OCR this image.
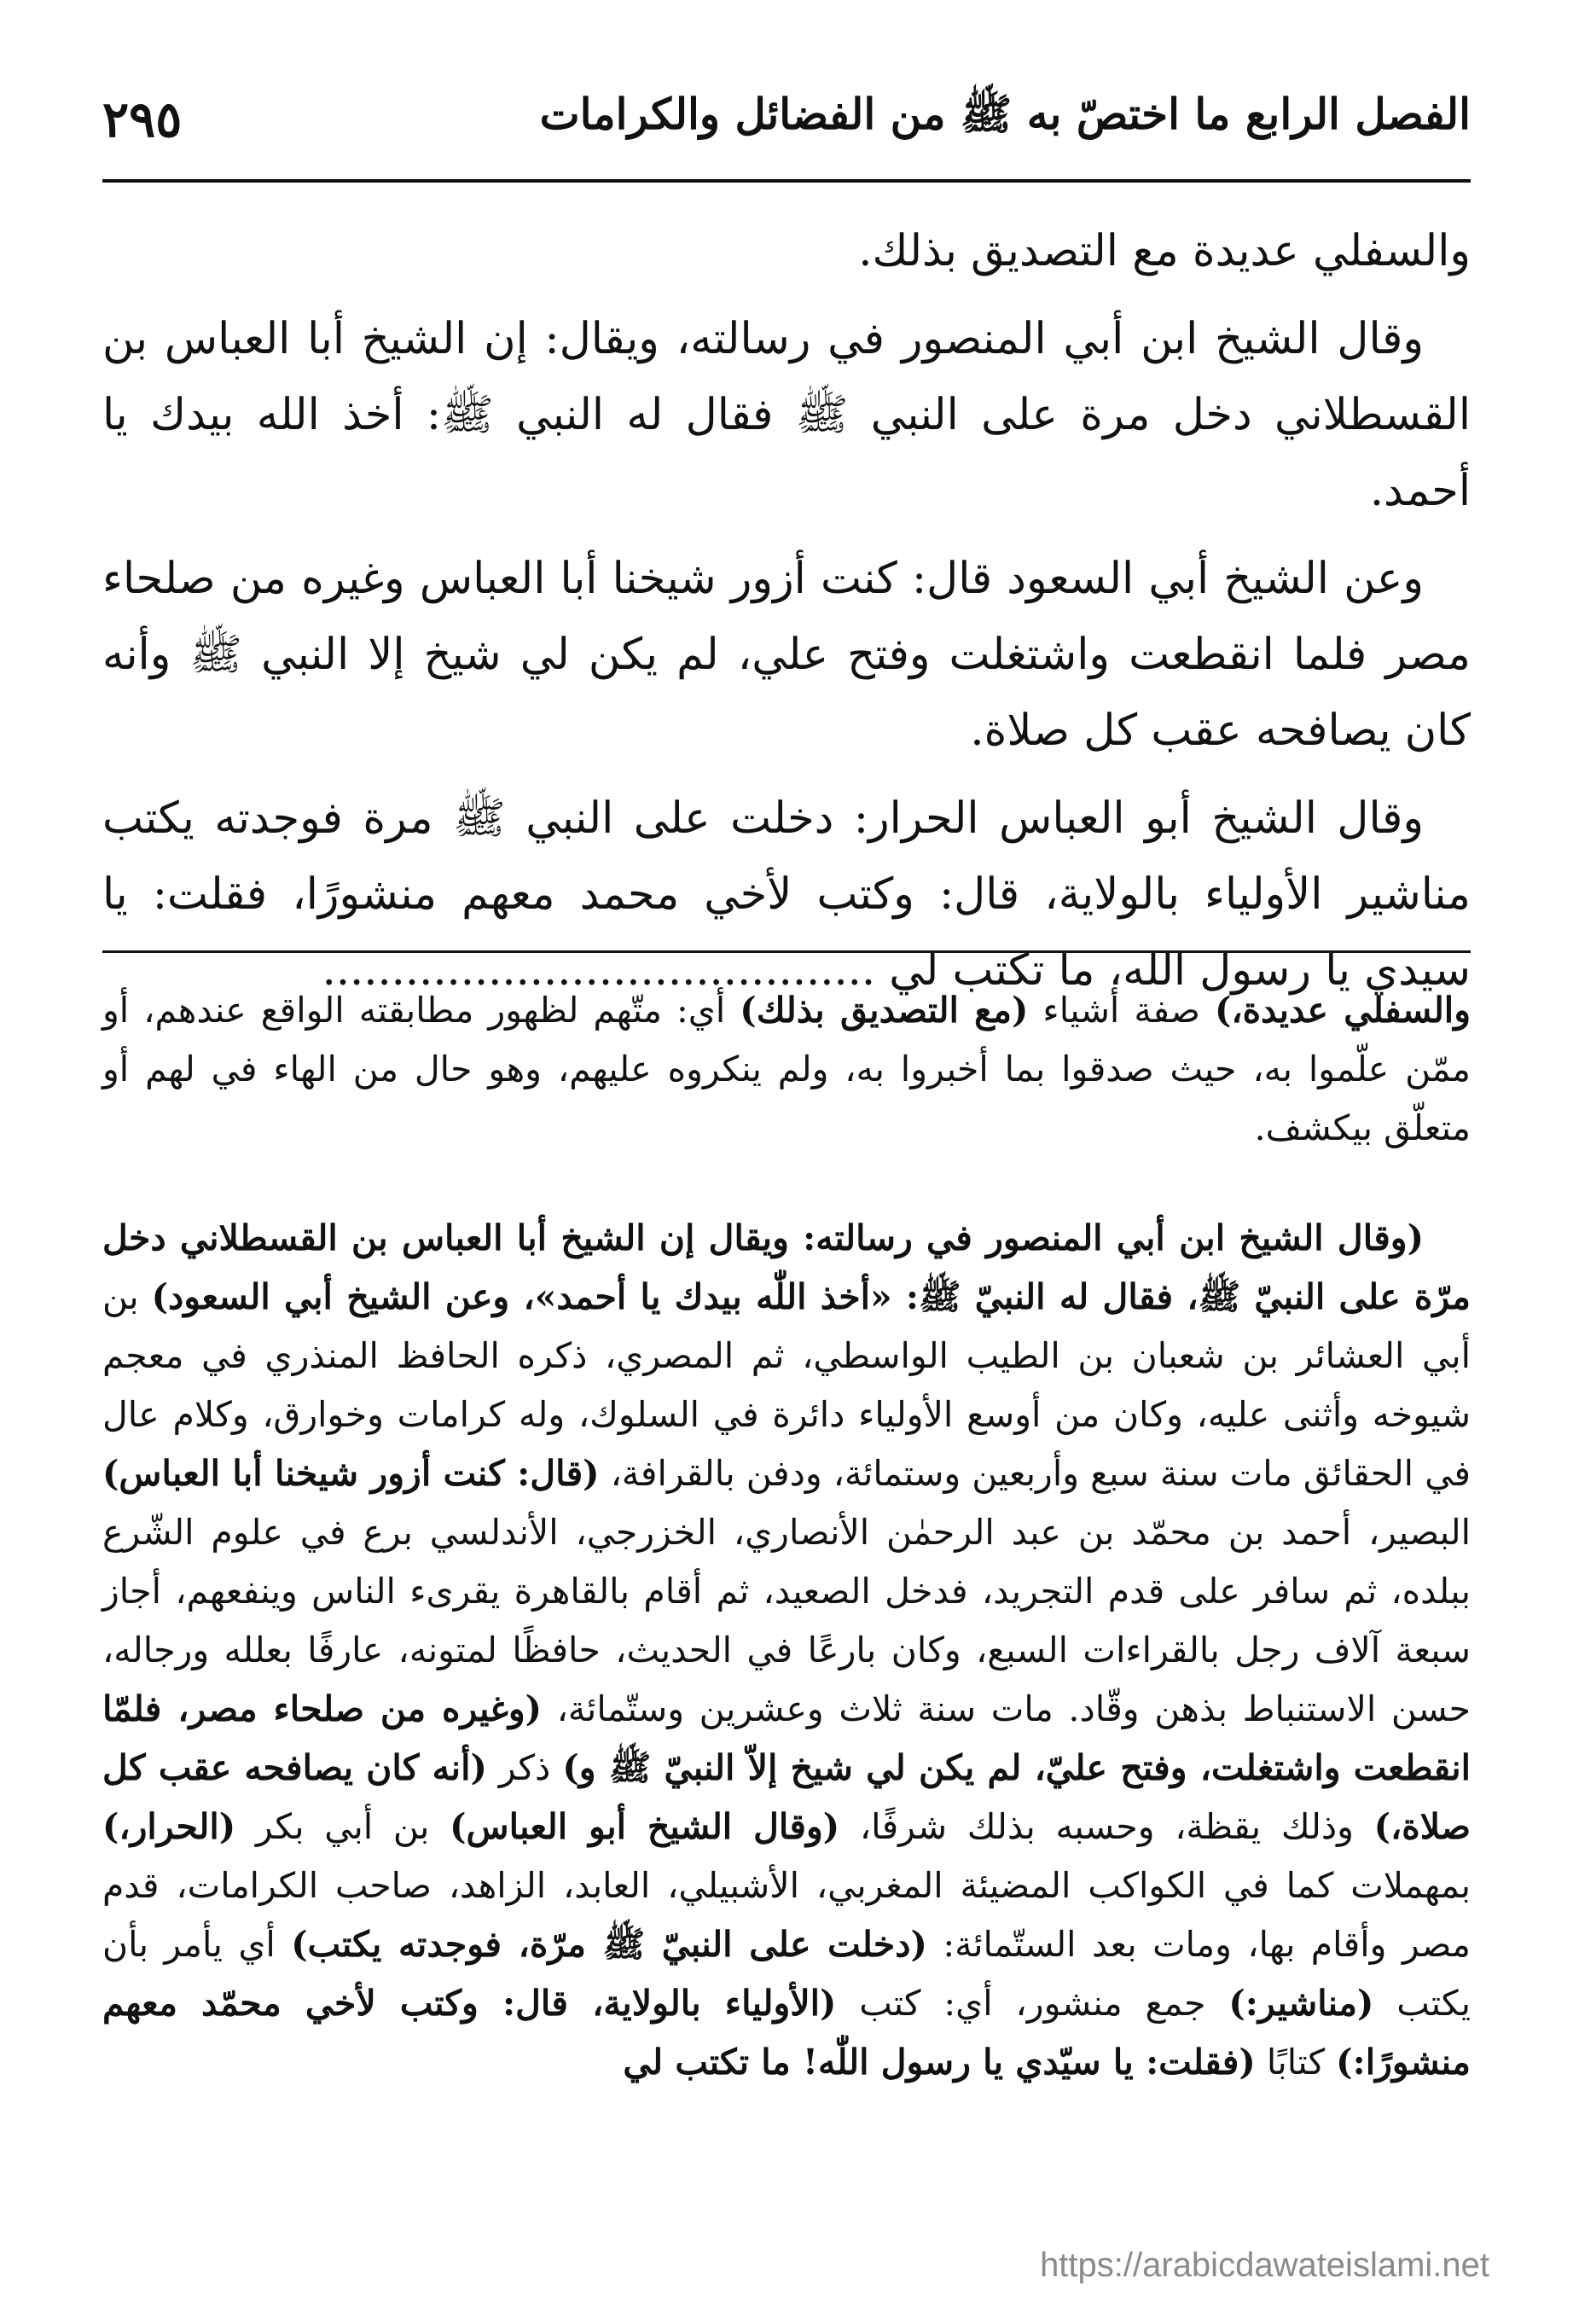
٢٩٥	الفصل الرابع ما اختصّ به ﷺ من الفضائل والكرامات

والسفلي عديدة مع التصديق بذلك.

وقال الشيخ ابن أبي المنصور في رسالته، ويقال: إن الشيخ أبا العباس بن القسطلاني دخل مرة على النبي ﷺ فقال له النبي ﷺ: أخذ الله بيدك يا أحمد.

وعن الشيخ أبي السعود قال: كنت أزور شيخنا أبا العباس وغيره من صلحاء مصر فلما انقطعت واشتغلت وفتح علي، لم يكن لي شيخ إلا النبي ﷺ وأنه كان يصافحه عقب كل صلاة.

وقال الشيخ أبو العباس الحرار: دخلت على النبي ﷺ مرة فوجدته يكتب مناشير الأولياء بالولاية، قال: وكتب لأخي محمد معهم منشورًا، فقلت: يا سيدي يا رسول الله، ما تكتب لي ........................................

والسفلي عديدة،) صفة أشياء (مع التصديق بذلك) أي: متّهم لظهور مطابقته الواقع عندهم، أو ممّن علّموا به، حيث صدقوا بما أخبروا به، ولم ينكروه عليهم، وهو حال من الهاء في لهم أو متعلّق بيكشف.

(وقال الشيخ ابن أبي المنصور في رسالته: ويقال إن الشيخ أبا العباس بن القسطلاني دخل مرّة على النبيّ ﷺ، فقال له النبيّ ﷺ: «أخذ اللّٰه بيدك يا أحمد»، وعن الشيخ أبي السعود) بن أبي العشائر بن شعبان بن الطيب الواسطي، ثم المصري، ذكره الحافظ المنذري في معجم شيوخه وأثنى عليه، وكان من أوسع الأولياء دائرة في السلوك، وله كرامات وخوارق، وكلام عال في الحقائق مات سنة سبع وأربعين وستمائة، ودفن بالقرافة، (قال: كنت أزور شيخنا أبا العباس) البصير، أحمد بن محمّد بن عبد الرحمٰن الأنصاري، الخزرجي، الأندلسي برع في علوم الشّرع ببلده، ثم سافر على قدم التجريد، فدخل الصعيد، ثم أقام بالقاهرة يقرىء الناس وينفعهم، أجاز سبعة آلاف رجل بالقراءات السبع، وكان بارعًا في الحديث، حافظًا لمتونه، عارفًا بعلله ورجاله، حسن الاستنباط بذهن وقّاد. مات سنة ثلاث وعشرين وستّمائة، (وغيره من صلحاء مصر، فلمّا انقطعت واشتغلت، وفتح عليّ، لم يكن لي شيخ إلاّ النبيّ ﷺ و) ذكر (أنه كان يصافحه عقب كل صلاة،) وذلك يقظة، وحسبه بذلك شرفًا، (وقال الشيخ أبو العباس) بن أبي بكر (الحرار،) بمهملات كما في الكواكب المضيئة المغربي، الأشبيلي، العابد، الزاهد، صاحب الكرامات، قدم مصر وأقام بها، ومات بعد الستّمائة: (دخلت على النبيّ ﷺ مرّة، فوجدته يكتب) أي يأمر بأن يكتب (مناشير:) جمع منشور، أي: كتب (الأولياء بالولاية، قال: وكتب لأخي محمّد معهم منشورًا:) كتابًا (فقلت: يا سيّدي يا رسول اللّٰه! ما تكتب لي

https://arabicdawateislami.net
